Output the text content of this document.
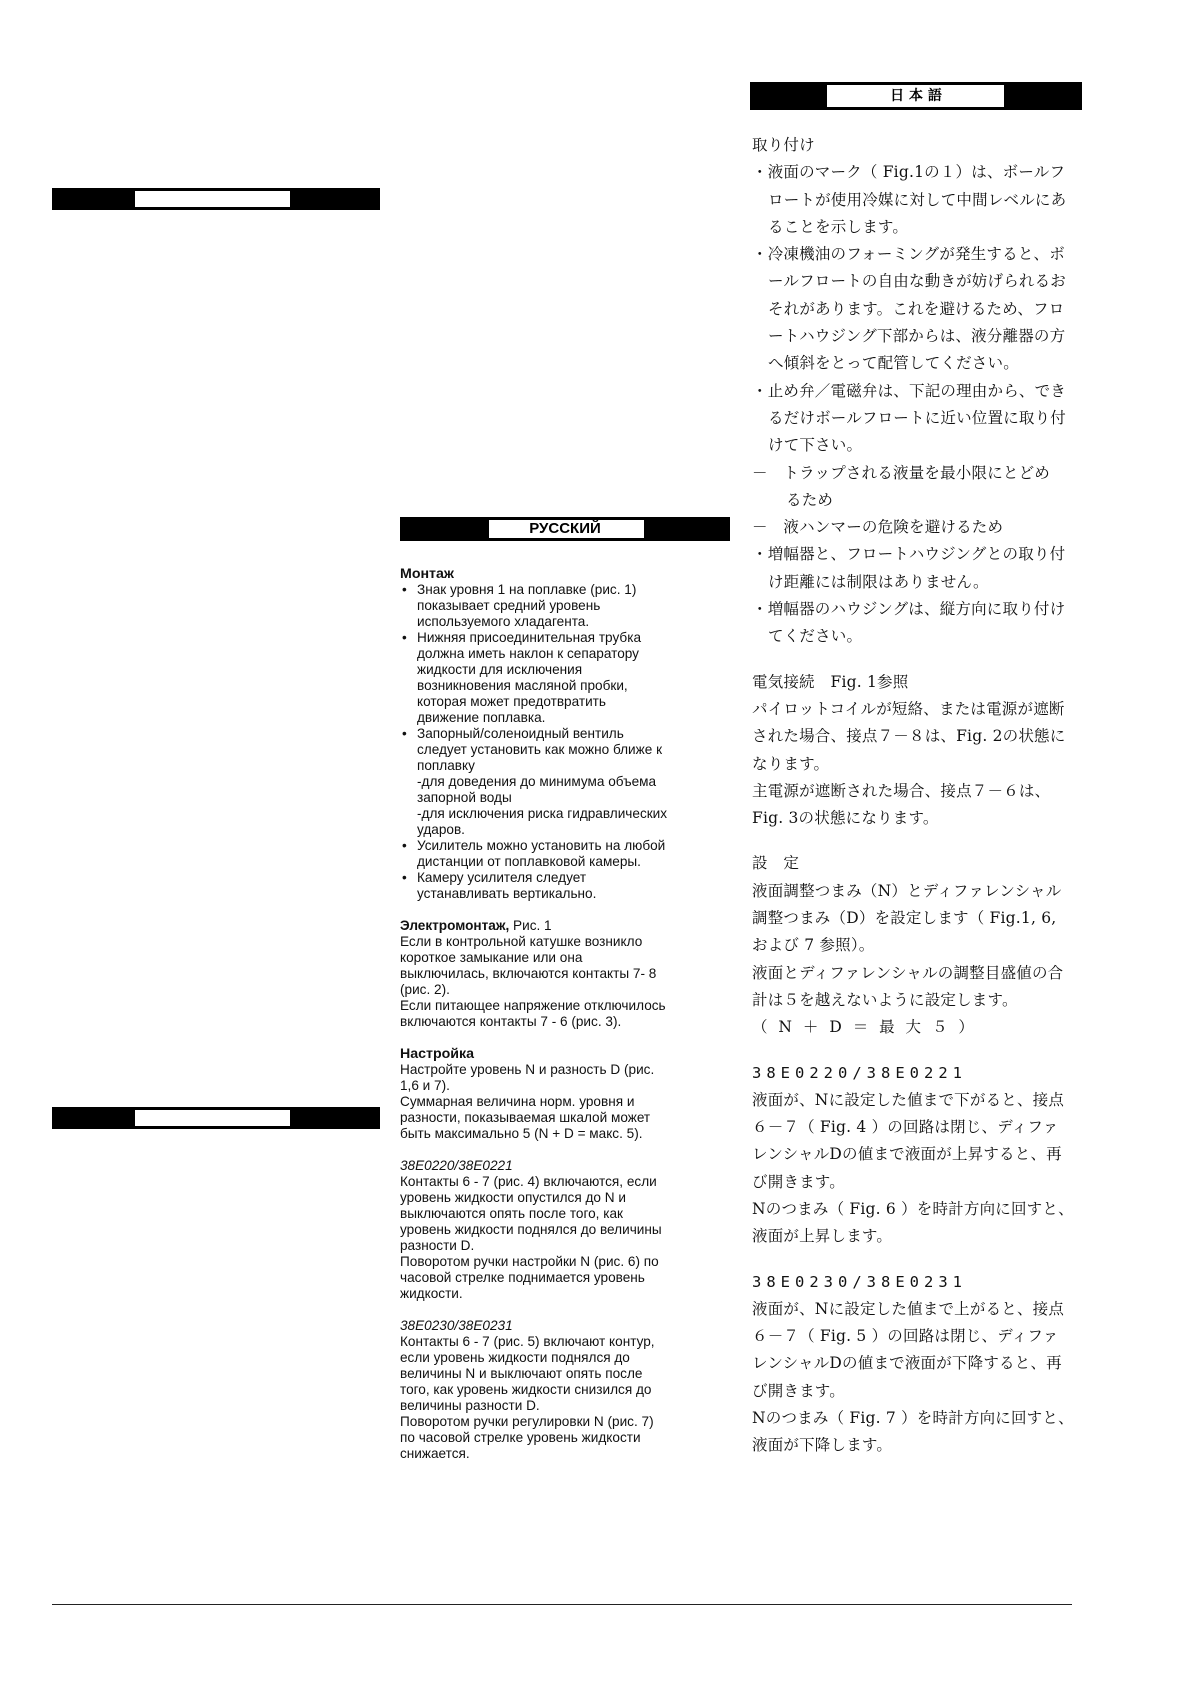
РУССКИЙ
日 本 語

Монтаж

• Знак уровня 1 на поплавке (рис. 1)
показывает средний уровень
используемого хладагента.
• Нижняя присоединительная трубка
должна иметь наклон к сепаратору
жидкости для исключения
возникновения масляной пробки,
которая может предотвратить
движение поплавка.
• Запорный/соленоидный вентиль
следует установить как можно ближе к
поплавку
-для доведения до минимума объема
запорной воды
-для исключения риска гидравлических
ударов.
• Усилитель можно установить на любой
дистанции от поплавковой камеры.
• Камеру усилителя следует
устанавливать вертикально.

Электромонтаж, Рис. 1

Если в контрольной катушке возникло
короткое замыкание или она
выключилась, включаются контакты 7- 8
(рис. 2).
Если питающее напряжение отключилось
включаются контакты 7 - 6 (рис. 3).

Настройка

Настройте уровень N и разность D (рис.
1,6 и 7).
Суммарная величина норм. уровня и
разности, показываемая шкалой может
быть максимально 5 (N + D = макс. 5).

38E0220/38E0221

Контакты 6 - 7 (рис. 4) включаются, если
уровень жидкости опустился до N и
выключаются опять после того, как
уровень жидкости поднялся до величины
разности D.
Поворотом ручки настройки N (рис. 6) по
часовой стрелке поднимается уровень
жидкости.

38E0230/38E0231

Контакты 6 - 7 (рис. 5) включают контур,
если уровень жидкости поднялся до
величины N и выключают опять после
того, как уровень жидкости снизился до
величины разности D.
Поворотом ручки регулировки N (рис. 7)
по часовой стрелке уровень жидкости
снижается.

取り付け

・液面のマーク（ Fig.1の１）は、ボールフ
ロートが使用冷媒に対して中間レベルにあ
ることを示します。

・冷凍機油のフォーミングが発生すると、ボ
ールフロートの自由な動きが妨げられるお
それがあります。これを避けるため、フロ
ートハウジング下部からは、液分離器の方
へ傾斜をとって配管してください。

・止め弁／電磁弁は、下記の理由から、でき
るだけボールフロートに近い位置に取り付
けて下さい。

－　トラップされる液量を最小限にとどめ
るため

－　液ハンマーの危険を避けるため

・増幅器と、フロートハウジングとの取り付
け距離には制限はありません。

・増幅器のハウジングは、縦方向に取り付け
てください。

電気接続　Fig. 1参照

パイロットコイルが短絡、または電源が遮断
された場合、接点７－８は、Fig. 2の状態に
なります。
主電源が遮断された場合、接点７－６は、
Fig. 3の状態になります。

設　定

液面調整つまみ（N）とディファレンシャル
調整つまみ（D）を設定します（ Fig.1, 6,
および 7 参照）。
液面とディファレンシャルの調整目盛値の合
計は５を越えないように設定します。

（ N ＋ D ＝ 最 大 ５ ）

38E0220/38E0221

液面が、Nに設定した値まで下がると、接点
６－７（ Fig. 4 ）の回路は閉じ、ディファ
レンシャルDの値まで液面が上昇すると、再
び開きます。
Nのつまみ（ Fig. 6 ）を時計方向に回すと、
液面が上昇します。

38E0230/38E0231

液面が、Nに設定した値まで上がると、接点
６－７（ Fig. 5 ）の回路は閉じ、ディファ
レンシャルDの値まで液面が下降すると、再
び開きます。
Nのつまみ（ Fig. 7 ）を時計方向に回すと、
液面が下降します。
